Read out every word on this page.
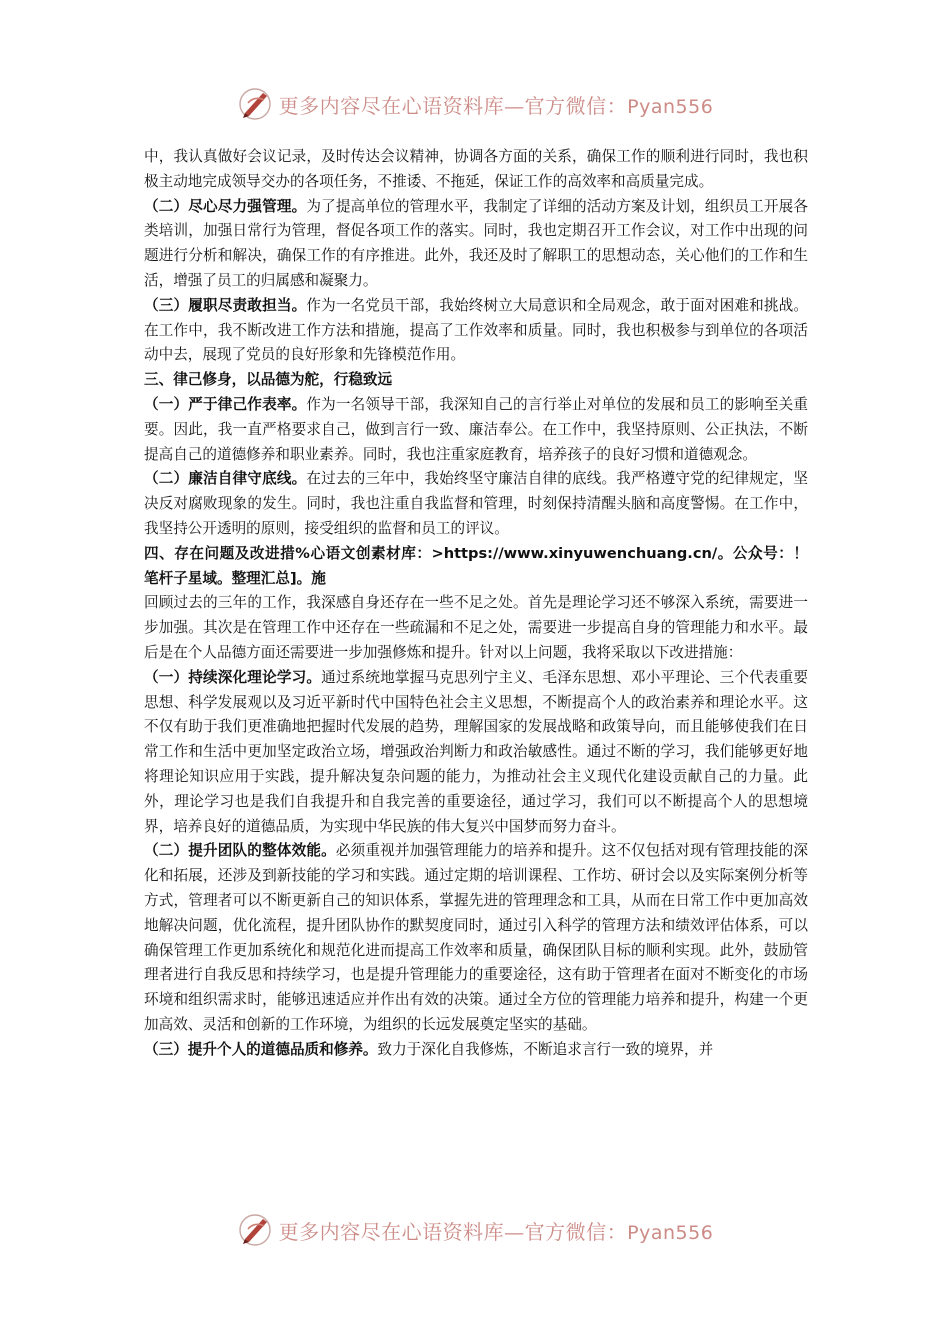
更多内容尽在心语资料库—官方微信：Pyan556

中，我认真做好会议记录，及时传达会议精神，协调各方面的关系，确保工作的顺利进行同时，我也积极主动地完成领导交办的各项任务，不推诿、不拖延，保证工作的高效率和高质量完成。

（二）尽心尽力强管理。为了提高单位的管理水平，我制定了详细的活动方案及计划，组织员工开展各类培训，加强日常行为管理，督促各项工作的落实。同时，我也定期召开工作会议，对工作中出现的问题进行分析和解决，确保工作的有序推进。此外，我还及时了解职工的思想动态，关心他们的工作和生活，增强了员工的归属感和凝聚力。

（三）履职尽责敢担当。作为一名党员干部，我始终树立大局意识和全局观念，敢于面对困难和挑战。在工作中，我不断改进工作方法和措施，提高了工作效率和质量。同时，我也积极参与到单位的各项活动中去，展现了党员的良好形象和先锋模范作用。

三、律己修身，以品德为舵，行稳致远

（一）严于律己作表率。作为一名领导干部，我深知自己的言行举止对单位的发展和员工的影响至关重要。因此，我一直严格要求自己，做到言行一致、廉洁奉公。在工作中，我坚持原则、公正执法，不断提高自己的道德修养和职业素养。同时，我也注重家庭教育，培养孩子的良好习惯和道德观念。

（二）廉洁自律守底线。在过去的三年中，我始终坚守廉洁自律的底线。我严格遵守党的纪律规定，坚决反对腐败现象的发生。同时，我也注重自我监督和管理，时刻保持清醒头脑和高度警惕。在工作中，我坚持公开透明的原则，接受组织的监督和员工的评议。

四、存在问题及改进措%心语文创素材库：>https://www.xinyuwenchuang.cn/。公众号：！笔杆子星域。整理汇总]。施

回顾过去的三年的工作，我深感自身还存在一些不足之处。首先是理论学习还不够深入系统，需要进一步加强。其次是在管理工作中还存在一些疏漏和不足之处，需要进一步提高自身的管理能力和水平。最后是在个人品德方面还需要进一步加强修炼和提升。针对以上问题，我将采取以下改进措施：

（一）持续深化理论学习。通过系统地掌握马克思列宁主义、毛泽东思想、邓小平理论、三个代表重要思想、科学发展观以及习近平新时代中国特色社会主义思想，不断提高个人的政治素养和理论水平。这不仅有助于我们更准确地把握时代发展的趋势，理解国家的发展战略和政策导向，而且能够使我们在日常工作和生活中更加坚定政治立场，增强政治判断力和政治敏感性。通过不断的学习，我们能够更好地将理论知识应用于实践，提升解决复杂问题的能力，为推动社会主义现代化建设贡献自己的力量。此外，理论学习也是我们自我提升和自我完善的重要途径，通过学习，我们可以不断提高个人的思想境界，培养良好的道德品质，为实现中华民族的伟大复兴中国梦而努力奋斗。

（二）提升团队的整体效能。必须重视并加强管理能力的培养和提升。这不仅包括对现有管理技能的深化和拓展，还涉及到新技能的学习和实践。通过定期的培训课程、工作坊、研讨会以及实际案例分析等方式，管理者可以不断更新自己的知识体系，掌握先进的管理理念和工具，从而在日常工作中更加高效地解决问题，优化流程，提升团队协作的默契度同时，通过引入科学的管理方法和绩效评估体系，可以确保管理工作更加系统化和规范化进而提高工作效率和质量，确保团队目标的顺利实现。此外，鼓励管理者进行自我反思和持续学习，也是提升管理能力的重要途径，这有助于管理者在面对不断变化的市场环境和组织需求时，能够迅速适应并作出有效的决策。通过全方位的管理能力培养和提升，构建一个更加高效、灵活和创新的工作环境，为组织的长远发展奠定坚实的基础。

（三）提升个人的道德品质和修养。致力于深化自我修炼，不断追求言行一致的境界，并

更多内容尽在心语资料库—官方微信：Pyan556
